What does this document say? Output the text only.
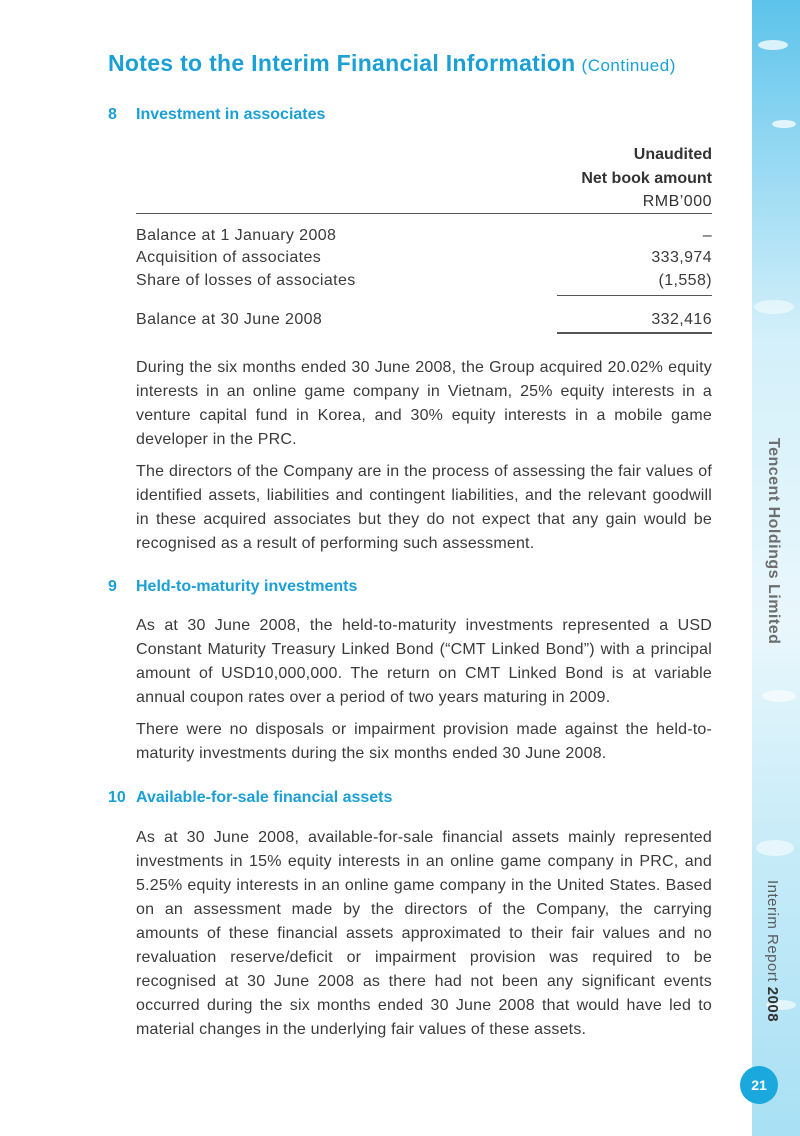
Tencent Holdings Limited
Interim Report 2008
21
Notes to the Interim Financial Information (Continued)
8 Investment in associates
Unaudited
Net book amount
RMB’000
Balance at 1 January 2008	–
Acquisition of associates	333,974
Share of losses of associates	(1,558)
Balance at 30 June 2008	332,416

During the six months ended 30 June 2008, the Group acquired 20.02% equity interests in an online game company in Vietnam, 25% equity interests in a venture capital fund in Korea, and 30% equity interests in a mobile game developer in the PRC.

The directors of the Company are in the process of assessing the fair values of identified assets, liabilities and contingent liabilities, and the relevant goodwill in these acquired associates but they do not expect that any gain would be recognised as a result of performing such assessment.

9 Held-to-maturity investments

As at 30 June 2008, the held-to-maturity investments represented a USD Constant Maturity Treasury Linked Bond (“CMT Linked Bond”) with a principal amount of USD10,000,000. The return on CMT Linked Bond is at variable annual coupon rates over a period of two years maturing in 2009.

There were no disposals or impairment provision made against the held-to-maturity investments during the six months ended 30 June 2008.

10 Available-for-sale financial assets

As at 30 June 2008, available-for-sale financial assets mainly represented investments in 15% equity interests in an online game company in PRC, and 5.25% equity interests in an online game company in the United States. Based on an assessment made by the directors of the Company, the carrying amounts of these financial assets approximated to their fair values and no revaluation reserve/deficit or impairment provision was required to be recognised at 30 June 2008 as there had not been any significant events occurred during the six months ended 30 June 2008 that would have led to material changes in the underlying fair values of these assets.
